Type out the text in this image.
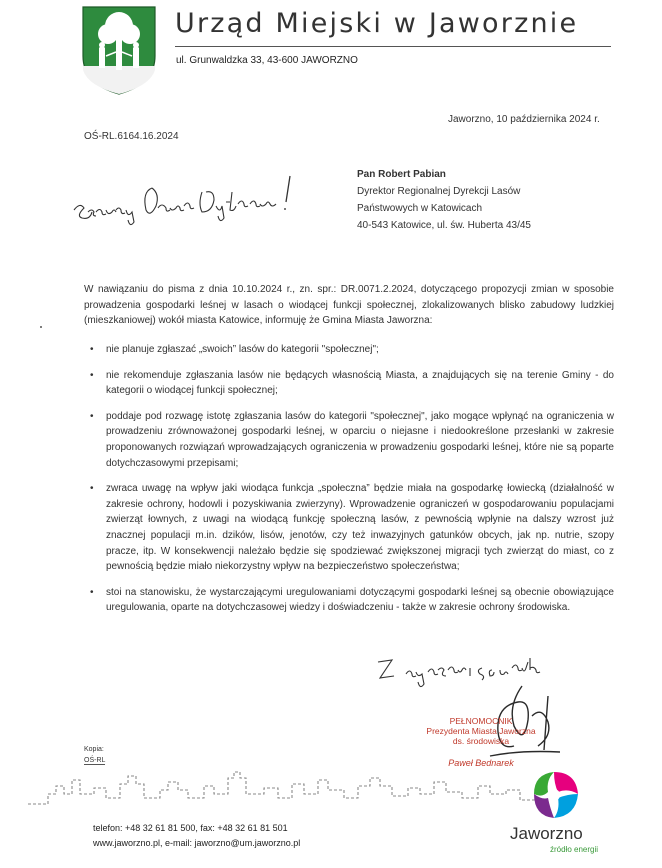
Urząd Miejski w Jaworznie
ul. Grunwaldzka 33, 43-600 JAWORZNO
Jaworzno, 10 października 2024 r.
OŚ-RL.6164.16.2024
Pan Robert Pabian
Dyrektor Regionalnej Dyrekcji Lasów
Państwowych w Katowicach
40-543 Katowice, ul. św. Huberta 43/45
W nawiązaniu do pisma z dnia 10.10.2024 r., zn. spr.: DR.0071.2.2024, dotyczącego propozycji zmian w sposobie prowadzenia gospodarki leśnej w lasach o wiodącej funkcji społecznej, zlokalizowanych blisko zabudowy ludzkiej (mieszkaniowej) wokół miasta Katowice, informuję że Gmina Miasta Jaworzna:
• nie planuje zgłaszać „swoich” lasów do kategorii "społecznej";
• nie rekomenduje zgłaszania lasów nie będących własnością Miasta, a znajdujących się na terenie Gminy - do kategorii o wiodącej funkcji społecznej;
• poddaje pod rozwagę istotę zgłaszania lasów do kategorii "społecznej", jako mogące wpłynąć na ograniczenia w prowadzeniu zrównoważonej gospodarki leśnej, w oparciu o niejasne i niedookreślone przesłanki w zakresie proponowanych rozwiązań wprowadzających ograniczenia w prowadzeniu gospodarki leśnej, które nie są poparte dotychczasowymi przepisami;
• zwraca uwagę na wpływ jaki wiodąca funkcja „społeczna” będzie miała na gospodarkę łowiecką (działalność w zakresie ochrony, hodowli i pozyskiwania zwierzyny). Wprowadzenie ograniczeń w gospodarowaniu populacjami zwierząt łownych, z uwagi na wiodącą funkcję społeczną lasów, z pewnością wpłynie na dalszy wzrost już znacznej populacji m.in. dzików, lisów, jenotów, czy też inwazyjnych gatunków obcych, jak np. nutrie, szopy pracze, itp. W konsekwencji należało będzie się spodziewać zwiększonej migracji tych zwierząt do miast, co z pewnością będzie miało niekorzystny wpływ na bezpieczeństwo społeczeństwa;
• stoi na stanowisku, że wystarczającymi uregulowaniami dotyczącymi gospodarki leśnej są obecnie obowiązujące uregulowania, oparte na dotychczasowej wiedzy i doświadczeniu - także w zakresie ochrony środowiska.
PEŁNOMOCNIK
Prezydenta Miasta Jaworzna
ds. środowiska
Paweł Bednarek
Kopia:
OŚ-RL
Jaworzno
źródło energii
telefon: +48 32 61 81 500, fax: +48 32 61 81 501
www.jaworzno.pl, e-mail: jaworzno@um.jaworzno.pl
